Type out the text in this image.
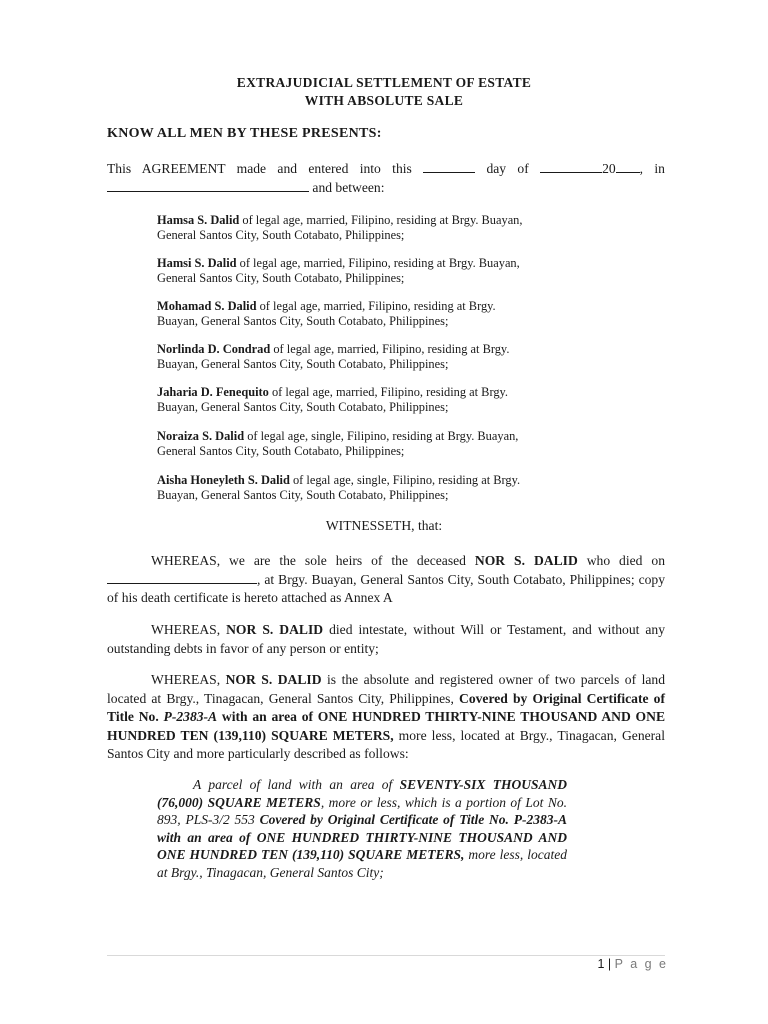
EXTRAJUDICIAL SETTLEMENT OF ESTATE
WITH ABSOLUTE SALE
KNOW ALL MEN BY THESE PRESENTS:
This AGREEMENT made and entered into this	day of	20 , in  and between:
Hamsa S. Dalid of legal age, married, Filipino, residing at Brgy. Buayan,
General Santos City, South Cotabato, Philippines;
Hamsi S. Dalid of legal age, married, Filipino, residing at Brgy. Buayan,
General Santos City, South Cotabato, Philippines;
Mohamad S. Dalid of legal age, married, Filipino, residing at Brgy.
Buayan, General Santos City, South Cotabato, Philippines;
Norlinda D. Condrad of legal age, married, Filipino, residing at Brgy.
Buayan, General Santos City, South Cotabato, Philippines;
Jaharia D. Fenequito of legal age, married, Filipino, residing at Brgy.
Buayan, General Santos City, South Cotabato, Philippines;
Noraiza S. Dalid of legal age, single, Filipino, residing at Brgy. Buayan,
General Santos City, South Cotabato, Philippines;
Aisha Honeyleth S. Dalid of legal age, single, Filipino, residing at Brgy.
Buayan, General Santos City, South Cotabato, Philippines;
WITNESSETH, that:
WHEREAS, we are the sole heirs of the deceased NOR S. DALID who died on , at Brgy. Buayan, General Santos City, South Cotabato, Philippines; copy of his death certificate is hereto attached as Annex A
WHEREAS, NOR S. DALID died intestate, without Will or Testament, and without any outstanding debts in favor of any person or entity;
WHEREAS, NOR S. DALID is the absolute and registered owner of two parcels of land located at Brgy., Tinagacan, General Santos City, Philippines, Covered by Original Certificate of Title No. P-2383-A with an area of ONE HUNDRED THIRTY-NINE THOUSAND AND ONE HUNDRED TEN (139,110) SQUARE METERS, more less, located at Brgy., Tinagacan, General Santos City and more particularly described as follows:
A parcel of land with an area of SEVENTY-SIX THOUSAND (76,000) SQUARE METERS, more or less, which is a portion of Lot No. 893, PLS-3/2 553 Covered by Original Certificate of Title No. P-2383-A with an area of ONE HUNDRED THIRTY-NINE THOUSAND AND ONE HUNDRED TEN (139,110) SQUARE METERS, more less, located at Brgy., Tinagacan, General Santos City;
1 | P a g e
